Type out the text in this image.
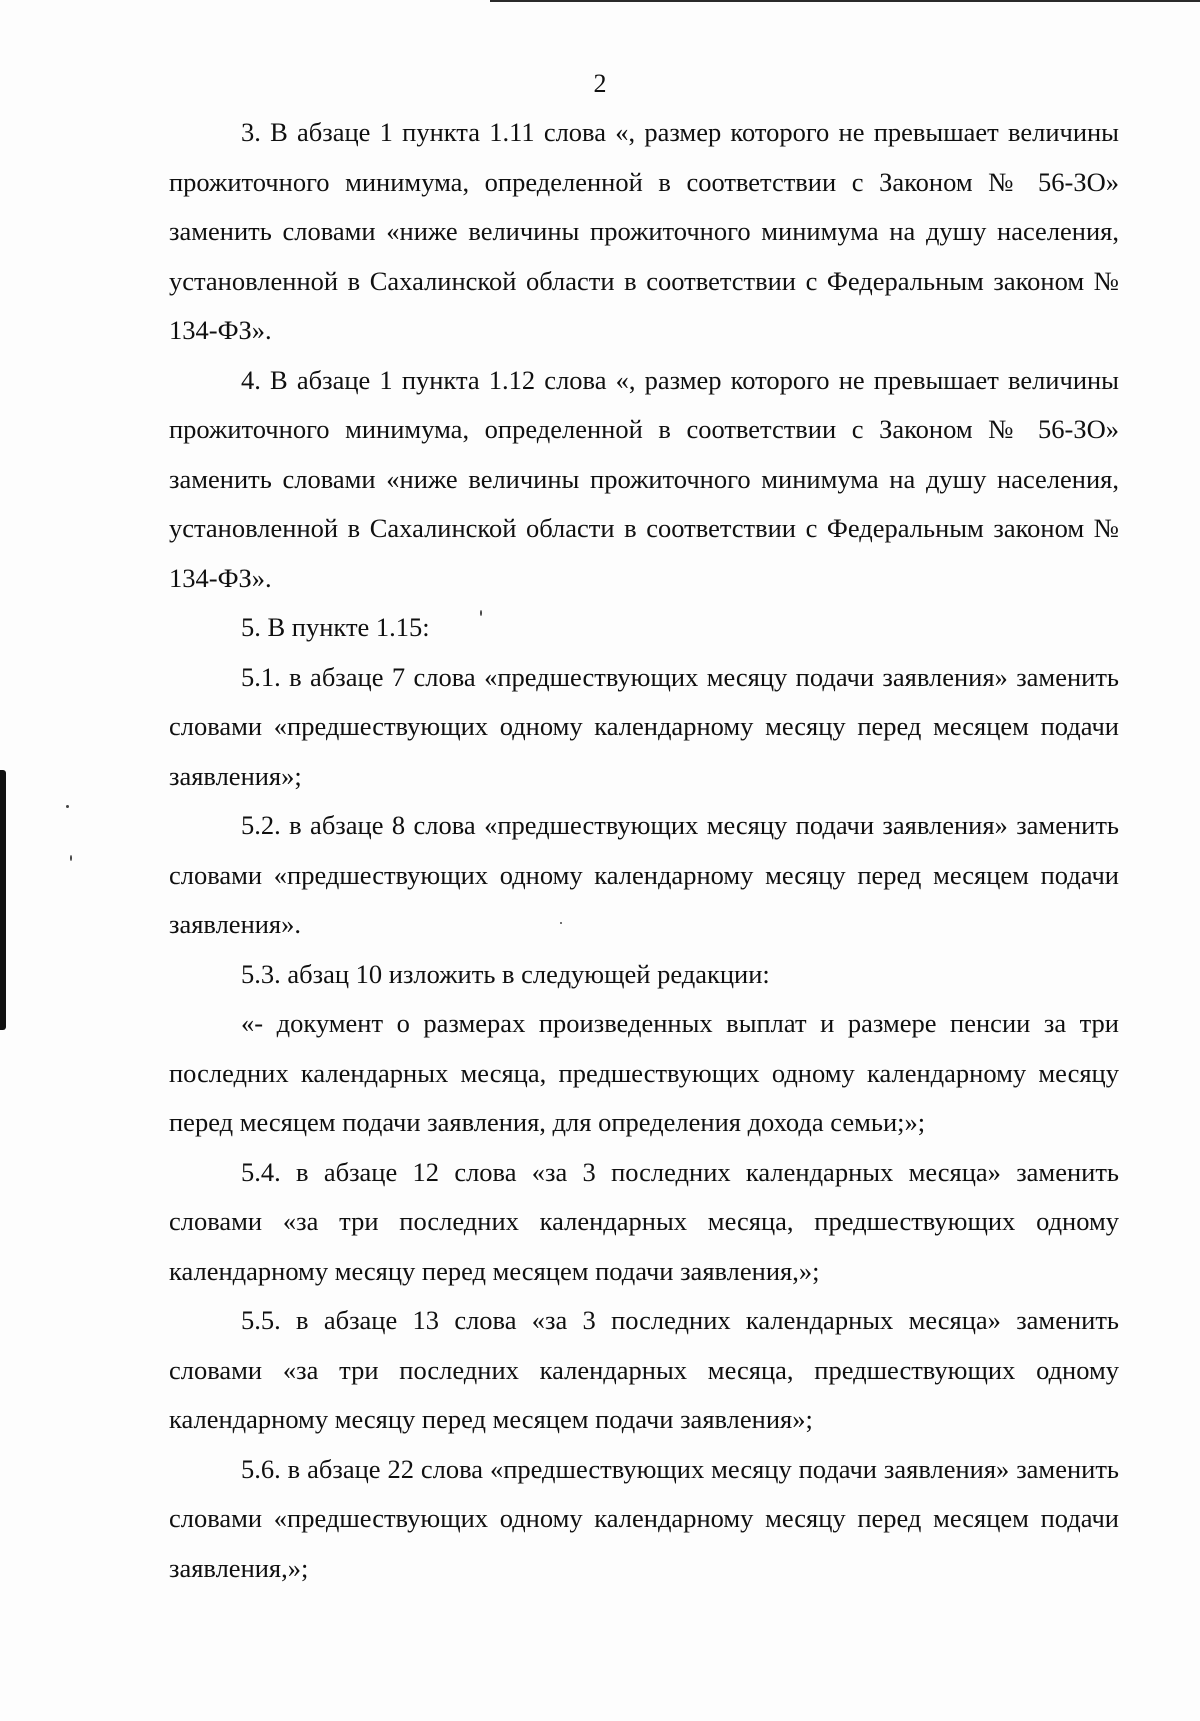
2

3. В абзаце 1 пункта 1.11 слова «, размер которого не превышает величины прожиточного минимума, определенной в соответствии с Законом № 56-ЗО» заменить словами «ниже величины прожиточного минимума на душу населения, установленной в Сахалинской области в соответствии с Федеральным законом № 134-ФЗ».

4. В абзаце 1 пункта 1.12 слова «, размер которого не превышает величины прожиточного минимума, определенной в соответствии с Законом № 56-ЗО» заменить словами «ниже величины прожиточного минимума на душу населения, установленной в Сахалинской области в соответствии с Федеральным законом № 134-ФЗ».

5. В пункте 1.15:

5.1. в абзаце 7 слова «предшествующих месяцу подачи заявления» заменить словами «предшествующих одному календарному месяцу перед месяцем подачи заявления»;

5.2. в абзаце 8 слова «предшествующих месяцу подачи заявления» заменить словами «предшествующих одному календарному месяцу перед месяцем подачи заявления».

5.3. абзац 10 изложить в следующей редакции:

«- документ о размерах произведенных выплат и размере пенсии за три последних календарных месяца, предшествующих одному календарному месяцу перед месяцем подачи заявления, для определения дохода семьи;»;

5.4. в абзаце 12 слова «за 3 последних календарных месяца» заменить словами «за три последних календарных месяца, предшествующих одному календарному месяцу перед месяцем подачи заявления,»;

5.5. в абзаце 13 слова «за 3 последних календарных месяца» заменить словами «за три последних календарных месяца, предшествующих одному календарному месяцу перед месяцем подачи заявления»;

5.6. в абзаце 22 слова «предшествующих месяцу подачи заявления» заменить словами «предшествующих одному календарному месяцу перед месяцем подачи заявления,»;
